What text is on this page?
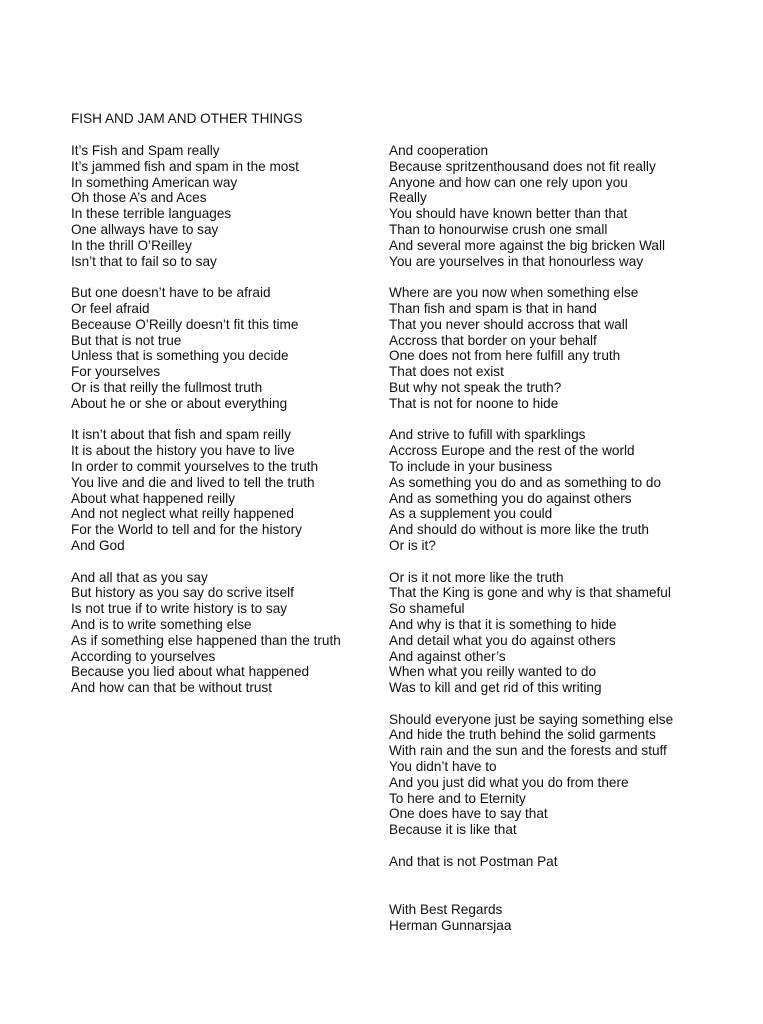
FISH AND JAM AND OTHER THINGS
It’s Fish and Spam really
It’s jammed fish and spam in the most
In something American way
Oh those A’s and Aces
In these terrible languages
One allways have to say
In the thrill O’Reilley
Isn’t that to fail so to say
But one doesn’t have to be afraid
Or feel afraid
Beceause O’Reilly doesn’t fit this time
But that is not true
Unless that is something you decide
For yourselves
Or is that reilly the fullmost truth
About he or she or about everything
It isn’t about that fish and spam reilly
It is about the history you have to live
In order to commit yourselves to the truth
You live and die and lived to tell the truth
About what happened reilly
And not neglect what reilly happened
For the World to tell and for the history
And God
And all that as you say
But history as you say do scrive itself
Is not true if to write history is to say
And is to write something else
As if something else happened than the truth
According to yourselves
Because you lied about what happened
And how can that be without trust
And cooperation
Because spritzenthousand does not fit really
Anyone and how can one rely upon you
Really
You should have known better than that
Than to honourwise crush one small
And several more against the big bricken Wall
You are yourselves in that honourless way
Where are you now when something else
Than fish and spam is that in hand
That you never should accross that wall
Accross that border on your behalf
One does not from here fulfill any truth
That does not exist
But why not speak the truth?
That is not for noone to hide
And strive to fufill with sparklings
Accross Europe and the rest of the world
To include in your business
As something you do and as something to do
And as something you do against others
As a supplement you could
And should do without is more like the truth
Or is it?
Or is it not more like the truth
That the King is gone and why is that shameful
So shameful
And why is that it is something to hide
And detail what you do against others
And against other’s
When what you reilly wanted to do
Was to kill and get rid of this writing
Should everyone just be saying something else
And hide the truth behind the solid garments
With rain and the sun and the forests and stuff
You didn’t have to
And you just did what you do from there
To here and to Eternity
One does have to say that
Because it is like that
And that is not Postman Pat
With Best Regards
Herman Gunnarsjaa
